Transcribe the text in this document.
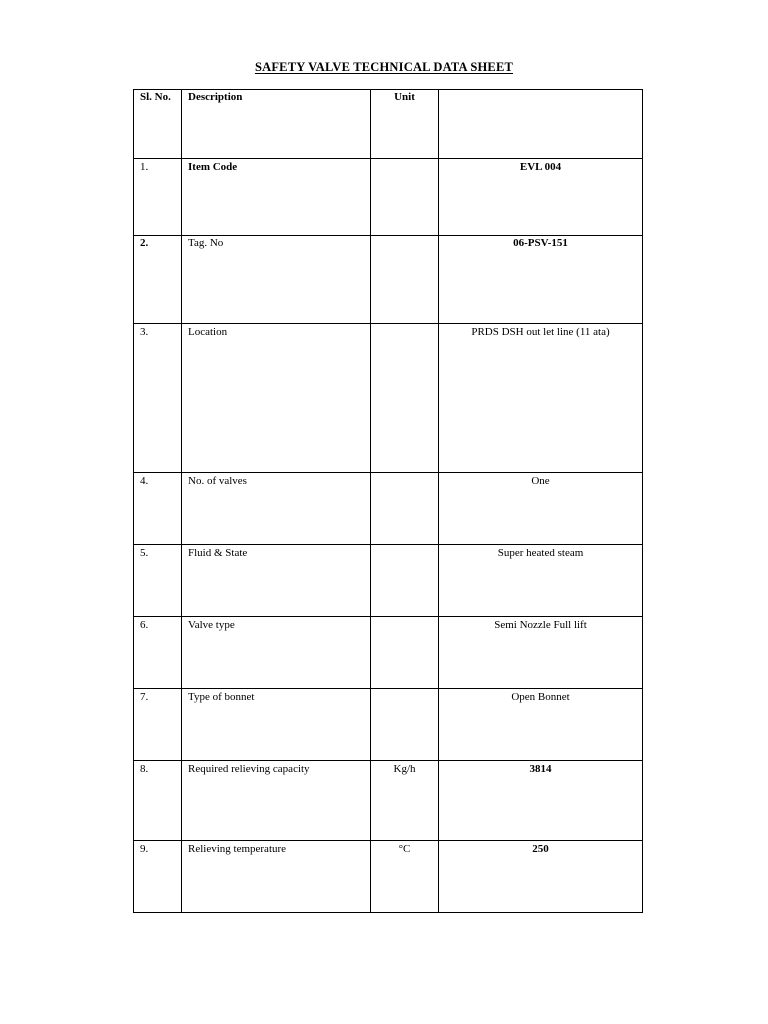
SAFETY VALVE TECHNICAL DATA SHEET
Sl. No.	Description	Unit	
1.	Item Code		EVL 004
2.	Tag. No		06-PSV-151
3.	Location		PRDS DSH out let line (11 ata)
4.	No. of valves		One
5.	Fluid & State		Super heated steam
6.	Valve type		Semi Nozzle Full lift
7.	Type of bonnet		Open Bonnet
8.	Required relieving capacity	Kg/h	3814
9.	Relieving temperature	°C	250
